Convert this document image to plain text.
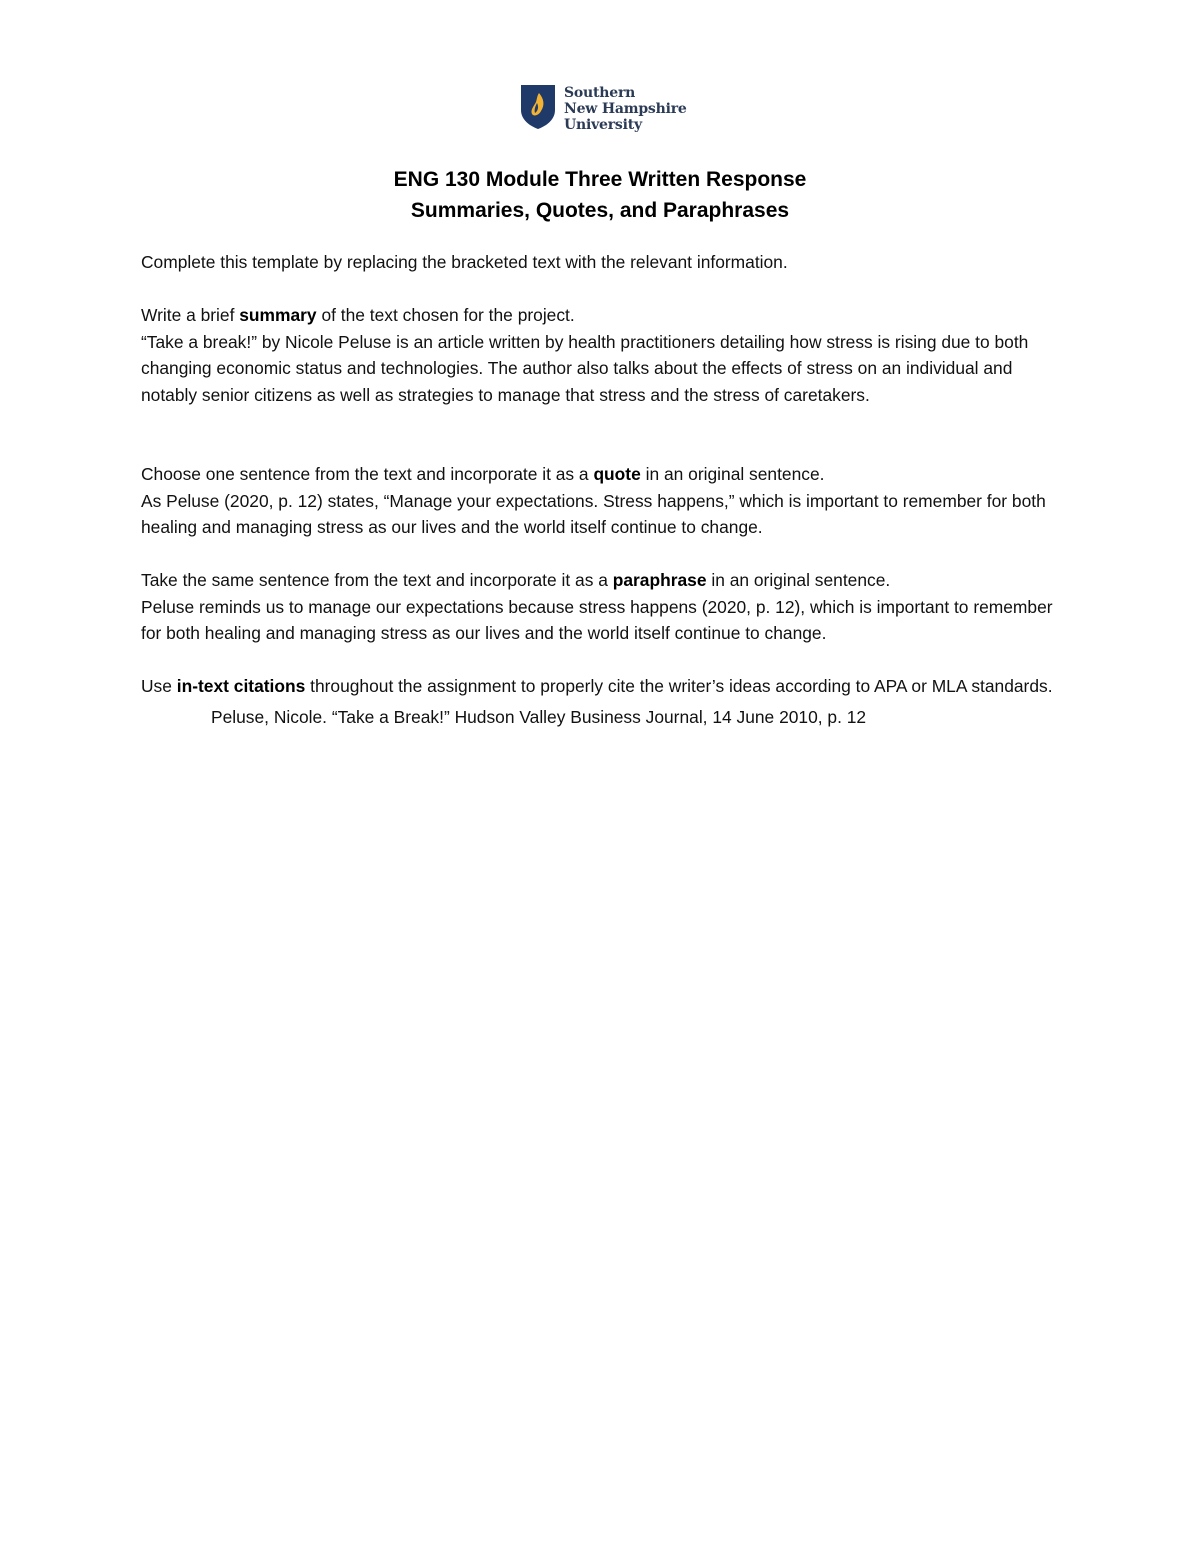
Southern
New Hampshire
University
ENG 130 Module Three Written Response
Summaries, Quotes, and Paraphrases

Complete this template by replacing the bracketed text with the relevant information.

Write a brief summary of the text chosen for the project.

“Take a break!” by Nicole Peluse is an article written by health practitioners detailing how stress is rising due to both changing economic status and technologies. The author also talks about the effects of stress on an individual and notably senior citizens as well as strategies to manage that stress and the stress of caretakers.

Choose one sentence from the text and incorporate it as a quote in an original sentence.

As Peluse (2020, p. 12) states, “Manage your expectations. Stress happens,” which is important to remember for both healing and managing stress as our lives and the world itself continue to change.

Take the same sentence from the text and incorporate it as a paraphrase in an original sentence.

Peluse reminds us to manage our expectations because stress happens (2020, p. 12), which is important to remember for both healing and managing stress as our lives and the world itself continue to change.

Use in-text citations throughout the assignment to properly cite the writer’s ideas according to APA or MLA standards.

Peluse, Nicole. “Take a Break!” Hudson Valley Business Journal, 14 June 2010, p. 12
